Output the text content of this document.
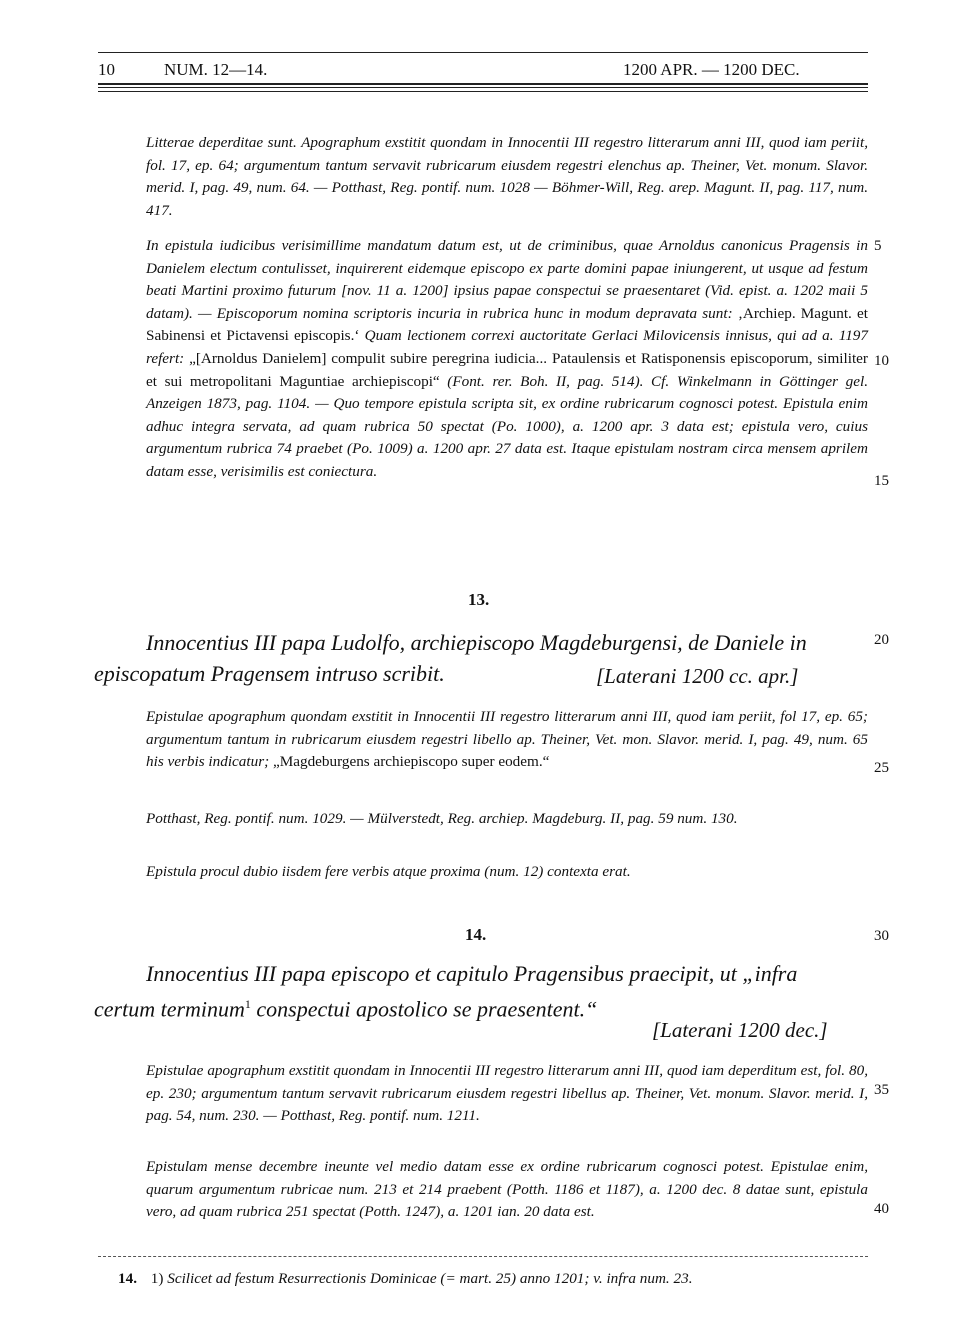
10	NUM. 12—14.	1200 APR. — 1200 DEC.
Litterae deperditae sunt. Apographum exstitit quondam in Innocentii III regestro litterarum anni III, quod iam periit, fol. 17, ep. 64; argumentum tantum servavit rubricarum eiusdem regestri elenchus ap. Theiner, Vet. monum. Slavor. merid. I, pag. 49, num. 64. — Potthast, Reg. pontif. num. 1028 — Böhmer-Will, Reg. arep. Magunt. II, pag. 117, num. 417.
In epistula iudicibus verisimillime mandatum datum est, ut de criminibus, quae Arnoldus canonicus Pragensis in Danielem electum contulisset, inquirerent eidemque episcopo ex parte domini papae iniungerent, ut usque ad festum beati Martini proximo futurum [nov. 11 a. 1200] ipsius papae conspectui se praesentaret (Vid. epist. a. 1202 maii 5 datam). — Episcoporum nomina scriptoris incuria in rubrica hunc in modum depravata sunt: ‚Archiep. Magunt. et Sabinensi et Pictavensi episcopis.‘ Quam lectionem correxi auctoritate Gerlaci Milovicensis innisus, qui ad a. 1197 refert: „[Arnoldus Danielem] compulit subire peregrina iudicia... Pataulensis et Ratisponensis episcoporum, similiter et sui metropolitani Maguntiae archiepiscopi“ (Font. rer. Boh. II, pag. 514). Cf. Winkelmann in Göttinger gel. Anzeigen 1873, pag. 1104. — Quo tempore epistula scripta sit, ex ordine rubricarum cognosci potest. Epistula enim adhuc integra servata, ad quam rubrica 50 spectat (Po. 1000), a. 1200 apr. 3 data est; epistula vero, cuius argumentum rubrica 74 praebet (Po. 1009) a. 1200 apr. 27 data est. Itaque epistulam nostram circa mensem aprilem datam esse, verisimilis est coniectura.
13.
Innocentius III papa Ludolfo, archiepiscopo Magdeburgensi, de Daniele in
episcopatum Pragensem intruso scribit.	[Laterani 1200 cc. apr.]
Epistulae apographum quondam exstitit in Innocentii III regestro litterarum anni III, quod iam periit, fol 17, ep. 65; argumentum tantum in rubricarum eiusdem regestri libello ap. Theiner, Vet. mon. Slavor. merid. I, pag. 49, num. 65 his verbis indicatur; „Magdeburgens archiepiscopo super eodem.“
Potthast, Reg. pontif. num. 1029. — Mülverstedt, Reg. archiep. Magdeburg. II, pag. 59 num. 130.
Epistula procul dubio iisdem fere verbis atque proxima (num. 12) contexta erat.
14.
Innocentius III papa episcopo et capitulo Pragensibus praecipit, ut „infra
certum terminum$^1$ conspectui apostolico se praesentent.“
[Laterani 1200 dec.]
Epistulae apographum exstitit quondam in Innocentii III regestro litterarum anni III, quod iam deperditum est, fol. 80, ep. 230; argumentum tantum servavit rubricarum eiusdem regestri libellus ap. Theiner, Vet. monum. Slavor. merid. I, pag. 54, num. 230. — Potthast, Reg. pontif. num. 1211.
Epistulam mense decembre ineunte vel medio datam esse ex ordine rubricarum cognosci potest. Epistulae enim, quarum argumentum rubricae num. 213 et 214 praebent (Potth. 1186 et 1187), a. 1200 dec. 8 datae sunt, epistula vero, ad quam rubrica 251 spectat (Potth. 1247), a. 1201 ian. 20 data est.
14. 1) Scilicet ad festum Resurrectionis Dominicae (= mart. 25) anno 1201; v. infra num. 23.
5
10
15
20
25
30
35
40
